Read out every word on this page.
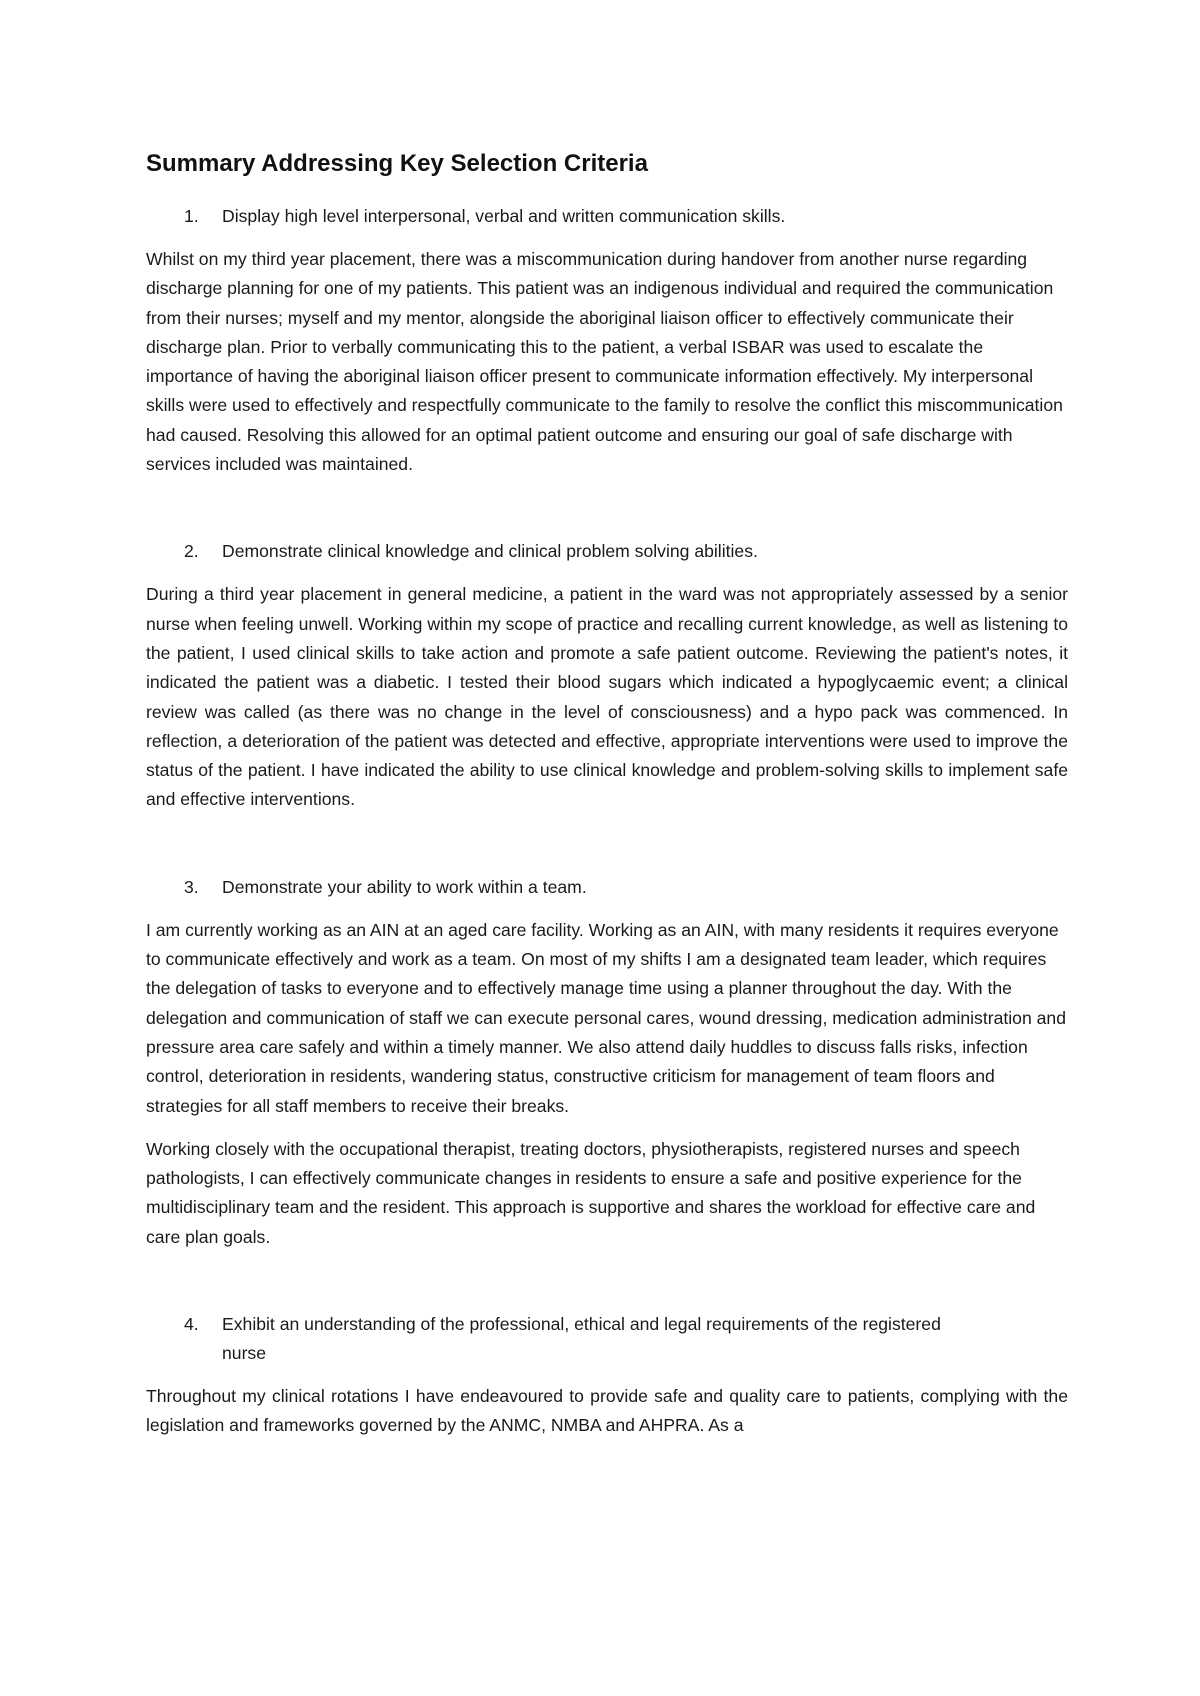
Summary Addressing Key Selection Criteria
1.	Display high level interpersonal, verbal and written communication skills.

Whilst on my third year placement, there was a miscommunication during handover from another nurse regarding discharge planning for one of my patients. This patient was an indigenous individual and required the communication from their nurses; myself and my mentor, alongside the aboriginal liaison officer to effectively communicate their discharge plan. Prior to verbally communicating this to the patient, a verbal ISBAR was used to escalate the importance of having the aboriginal liaison officer present to communicate information effectively. My interpersonal skills were used to effectively and respectfully communicate to the family to resolve the conflict this miscommunication had caused. Resolving this allowed for an optimal patient outcome and ensuring our goal of safe discharge with services included was maintained.

2.	Demonstrate clinical knowledge and clinical problem solving abilities.

During a third year placement in general medicine, a patient in the ward was not appropriately assessed by a senior nurse when feeling unwell. Working within my scope of practice and recalling current knowledge, as well as listening to the patient, I used clinical skills to take action and promote a safe patient outcome. Reviewing the patient's notes, it indicated the patient was a diabetic. I tested their blood sugars which indicated a hypoglycaemic event; a clinical review was called (as there was no change in the level of consciousness) and a hypo pack was commenced. In reflection, a deterioration of the patient was detected and effective, appropriate interventions were used to improve the status of the patient. I have indicated the ability to use clinical knowledge and problem-solving skills to implement safe and effective interventions.

3.	Demonstrate your ability to work within a team.

I am currently working as an AIN at an aged care facility. Working as an AIN, with many residents it requires everyone to communicate effectively and work as a team. On most of my shifts I am a designated team leader, which requires the delegation of tasks to everyone and to effectively manage time using a planner throughout the day. With the delegation and communication of staff we can execute personal cares, wound dressing, medication administration and pressure area care safely and within a timely manner. We also attend daily huddles to discuss falls risks, infection control, deterioration in residents, wandering status, constructive criticism for management of team floors and strategies for all staff members to receive their breaks.

Working closely with the occupational therapist, treating doctors, physiotherapists, registered nurses and speech pathologists, I can effectively communicate changes in residents to ensure a safe and positive experience for the multidisciplinary team and the resident. This approach is supportive and shares the workload for effective care and care plan goals.

4.	Exhibit an understanding of the professional, ethical and legal requirements of the registered nurse

Throughout my clinical rotations I have endeavoured to provide safe and quality care to patients, complying with the legislation and frameworks governed by the ANMC, NMBA and AHPRA. As a
